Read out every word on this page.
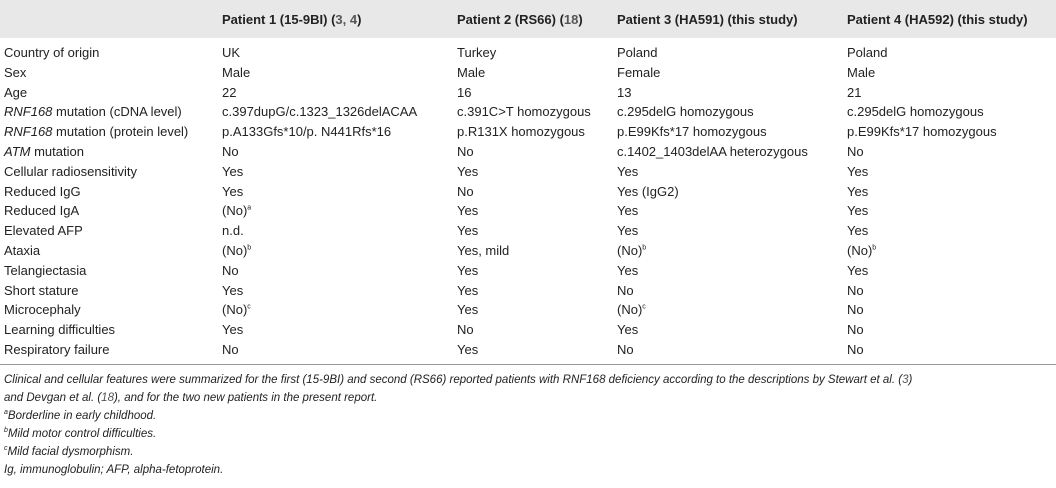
	Patient 1 (15-9BI) (3, 4)	Patient 2 (RS66) (18)	Patient 3 (HA591) (this study)	Patient 4 (HA592) (this study)
Country of origin	UK	Turkey	Poland	Poland
Sex	Male	Male	Female	Male
Age	22	16	13	21
RNF168 mutation (cDNA level)	c.397dupG/c.1323_1326delACAA	c.391C>T homozygous	c.295delG homozygous	c.295delG homozygous
RNF168 mutation (protein level)	p.A133Gfs*10/p. N441Rfs*16	p.R131X homozygous	p.E99Kfs*17 homozygous	p.E99Kfs*17 homozygous
ATM mutation	No	No	c.1402_1403delAA heterozygous	No
Cellular radiosensitivity	Yes	Yes	Yes	Yes
Reduced IgG	Yes	No	Yes (IgG2)	Yes
Reduced IgA	$(No)^a$	Yes	Yes	Yes
Elevated AFP	n.d.	Yes	Yes	Yes
Ataxia	$(No)^b$	Yes, mild	$(No)^b$	$(No)^b$
Telangiectasia	No	Yes	Yes	Yes
Short stature	Yes	Yes	No	No
Microcephaly	$(No)^c$	Yes	$(No)^c$	No
Learning difficulties	Yes	No	Yes	No
Respiratory failure	No	Yes	No	No

Clinical and cellular features were summarized for the first (15-9BI) and second (RS66) reported patients with RNF168 deficiency according to the descriptions by Stewart et al. (3)
and Devgan et al. (18), and for the two new patients in the present report.

$^a$Borderline in early childhood.

$^b$Mild motor control difficulties.

$^c$Mild facial dysmorphism.

Ig, immunoglobulin; AFP, alpha-fetoprotein.
